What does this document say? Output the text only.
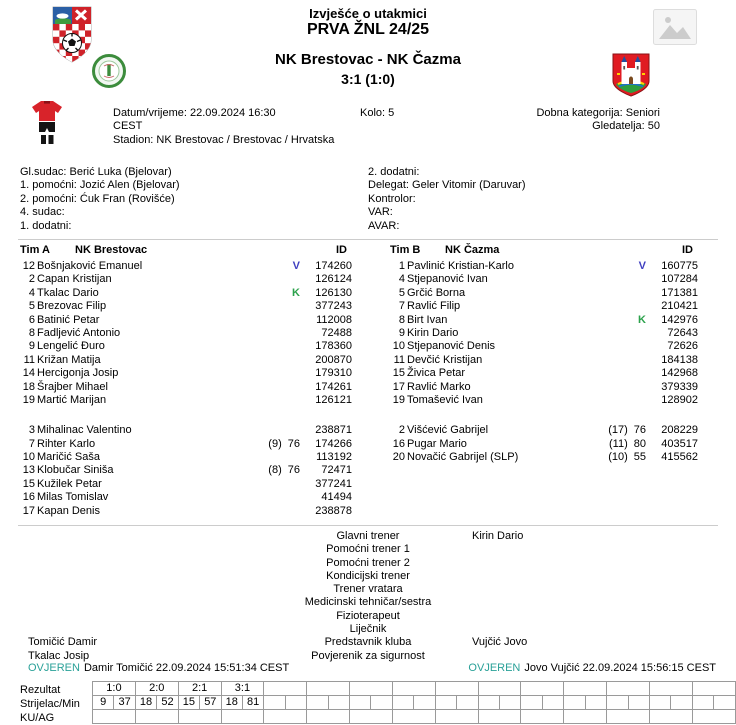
Izvješće o utakmici
PRVA ŽNL 24/25
NK Brestovac - NK Čazma
3:1 (1:0)
Datum/vrijeme: 22.09.2024 16:30
CEST
Stadion: NK Brestovac / Brestovac / Hrvatska
Kolo: 5	Dobna kategorija: Seniori
Gledatelja: 50
Gl.sudac: Berić Luka (Bjelovar)
1. pomoćni: Jozić Alen (Bjelovar)
2. pomoćni: Ćuk Fran (Rovišće)
4. sudac:
1. dodatni:
2. dodatni:
Delegat: Geler Vitomir (Daruvar)
Kontrolor:
VAR:
AVAR:
Tim A	NK Brestovac	ID
12 Bošnjaković Emanuel	V	174260
2 Capan Kristijan	126124
4 Tkalac Dario	K	126130
5 Brezovac Filip	377243
6 Batinić Petar	112008
8 Fadljević Antonio	72488
9 Lengelić Đuro	178360
11 Križan Matija	200870
14 Hercigonja Josip	179310
18 Šrajber Mihael	174261
19 Martić Marijan	126121
3 Mihalinac Valentino	238871
7 Rihter Karlo	(9) 76	174266
10 Maričić Saša	113192
13 Klobučar Siniša	(8) 76	72471
15 Kužilek Petar	377241
16 Milas Tomislav	41494
17 Kapan Denis	238878
Tim B	NK Čazma	ID
1 Pavlinić Kristian-Karlo	V	160775
4 Stjepanović Ivan	107284
5 Grčić Borna	171381
7 Ravlić Filip	210421
8 Birt Ivan	K	142976
9 Kirin Dario	72643
10 Stjepanović Denis	72626
11 Devčić Kristijan	184138
15 Živica Petar	142968
17 Ravlić Marko	379339
19 Tomašević Ivan	128902
2 Višćević Gabrijel	(17) 76	208229
16 Pugar Mario	(11) 80	403517
20 Novačić Gabrijel (SLP)	(10) 55	415562
Glavni trener	Kirin Dario
Pomoćni trener 1
Pomoćni trener 2
Kondicijski trener
Trener vratara
Medicinski tehničar/sestra
Fizioterapeut
Liječnik
Tomičić Damir	Predstavnik kluba	Vujčić Jovo
Tkalac Josip	Povjerenik za sigurnost
OVJEREN Damir Tomičić 22.09.2024 15:51:34 CEST	OVJEREN Jovo Vujčić 22.09.2024 15:56:15 CEST
Rezultat
Strijelac/Min
KU/AG
1:0		2:0		2:1		3:1																							
9	37	18	52	15	57	18	81																						
